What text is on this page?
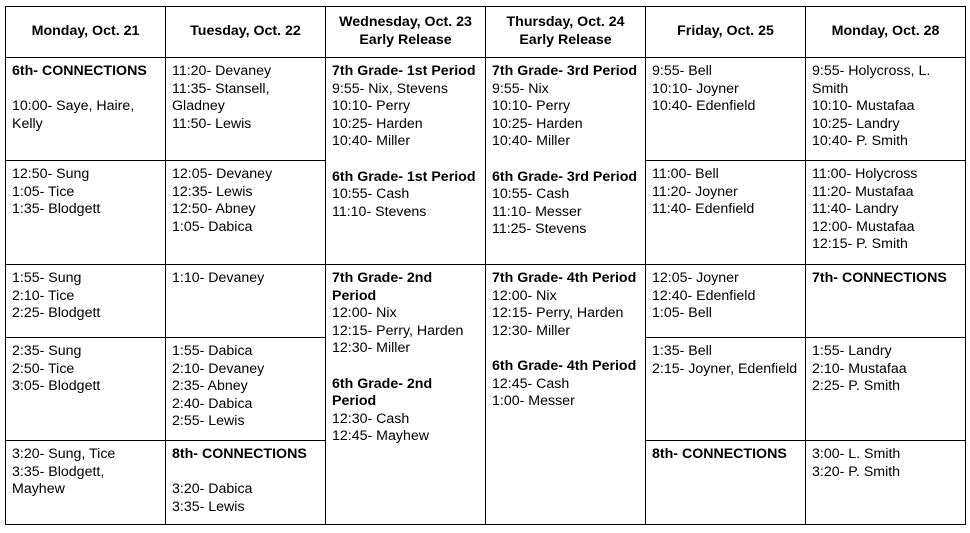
Monday, Oct. 21	Tuesday, Oct. 22
Wednesday, Oct. 23
Early Release
Thursday, Oct. 24
Early Release
Friday, Oct. 25	Monday, Oct. 28
6th- CONNECTIONS
10:00- Saye, Haire,
Kelly
12:50- Sung
1:05- Tice
1:35- Blodgett
1:55- Sung
2:10- Tice
2:25- Blodgett
2:35- Sung
2:50- Tice
3:05- Blodgett
3:20- Sung, Tice
3:35- Blodgett,
Mayhew
11:20- Devaney
11:35- Stansell,
Gladney
11:50- Lewis
12:05- Devaney
12:35- Lewis
12:50- Abney
1:05- Dabica
1:10- Devaney
1:55- Dabica
2:10- Devaney
2:35- Abney
2:40- Dabica
2:55- Lewis
8th- CONNECTIONS
3:20- Dabica
3:35- Lewis
7th Grade- 1st Period
9:55- Nix, Stevens
10:10- Perry
10:25- Harden
10:40- Miller
6th Grade- 1st Period
10:55- Cash
11:10- Stevens
7th Grade- 2nd Period
12:00- Nix
12:15- Perry, Harden
12:30- Miller
6th Grade- 2nd Period
12:30- Cash
12:45- Mayhew
7th Grade- 3rd Period
9:55- Nix
10:10- Perry
10:25- Harden
10:40- Miller
6th Grade- 3rd Period
10:55- Cash
11:10- Messer
11:25- Stevens
7th Grade- 4th Period
12:00- Nix
12:15- Perry, Harden
12:30- Miller
6th Grade- 4th Period
12:45- Cash
1:00- Messer
9:55- Bell
10:10- Joyner
10:40- Edenfield
11:00- Bell
11:20- Joyner
11:40- Edenfield
12:05- Joyner
12:40- Edenfield
1:05- Bell
1:35- Bell
2:15- Joyner, Edenfield
8th- CONNECTIONS
9:55- Holycross, L.
Smith
10:10- Mustafaa
10:25- Landry
10:40- P. Smith
11:00- Holycross
11:20- Mustafaa
11:40- Landry
12:00- Mustafaa
12:15- P. Smith
7th- CONNECTIONS
1:55- Landry
2:10- Mustafaa
2:25- P. Smith
3:00- L. Smith
3:20- P. Smith
